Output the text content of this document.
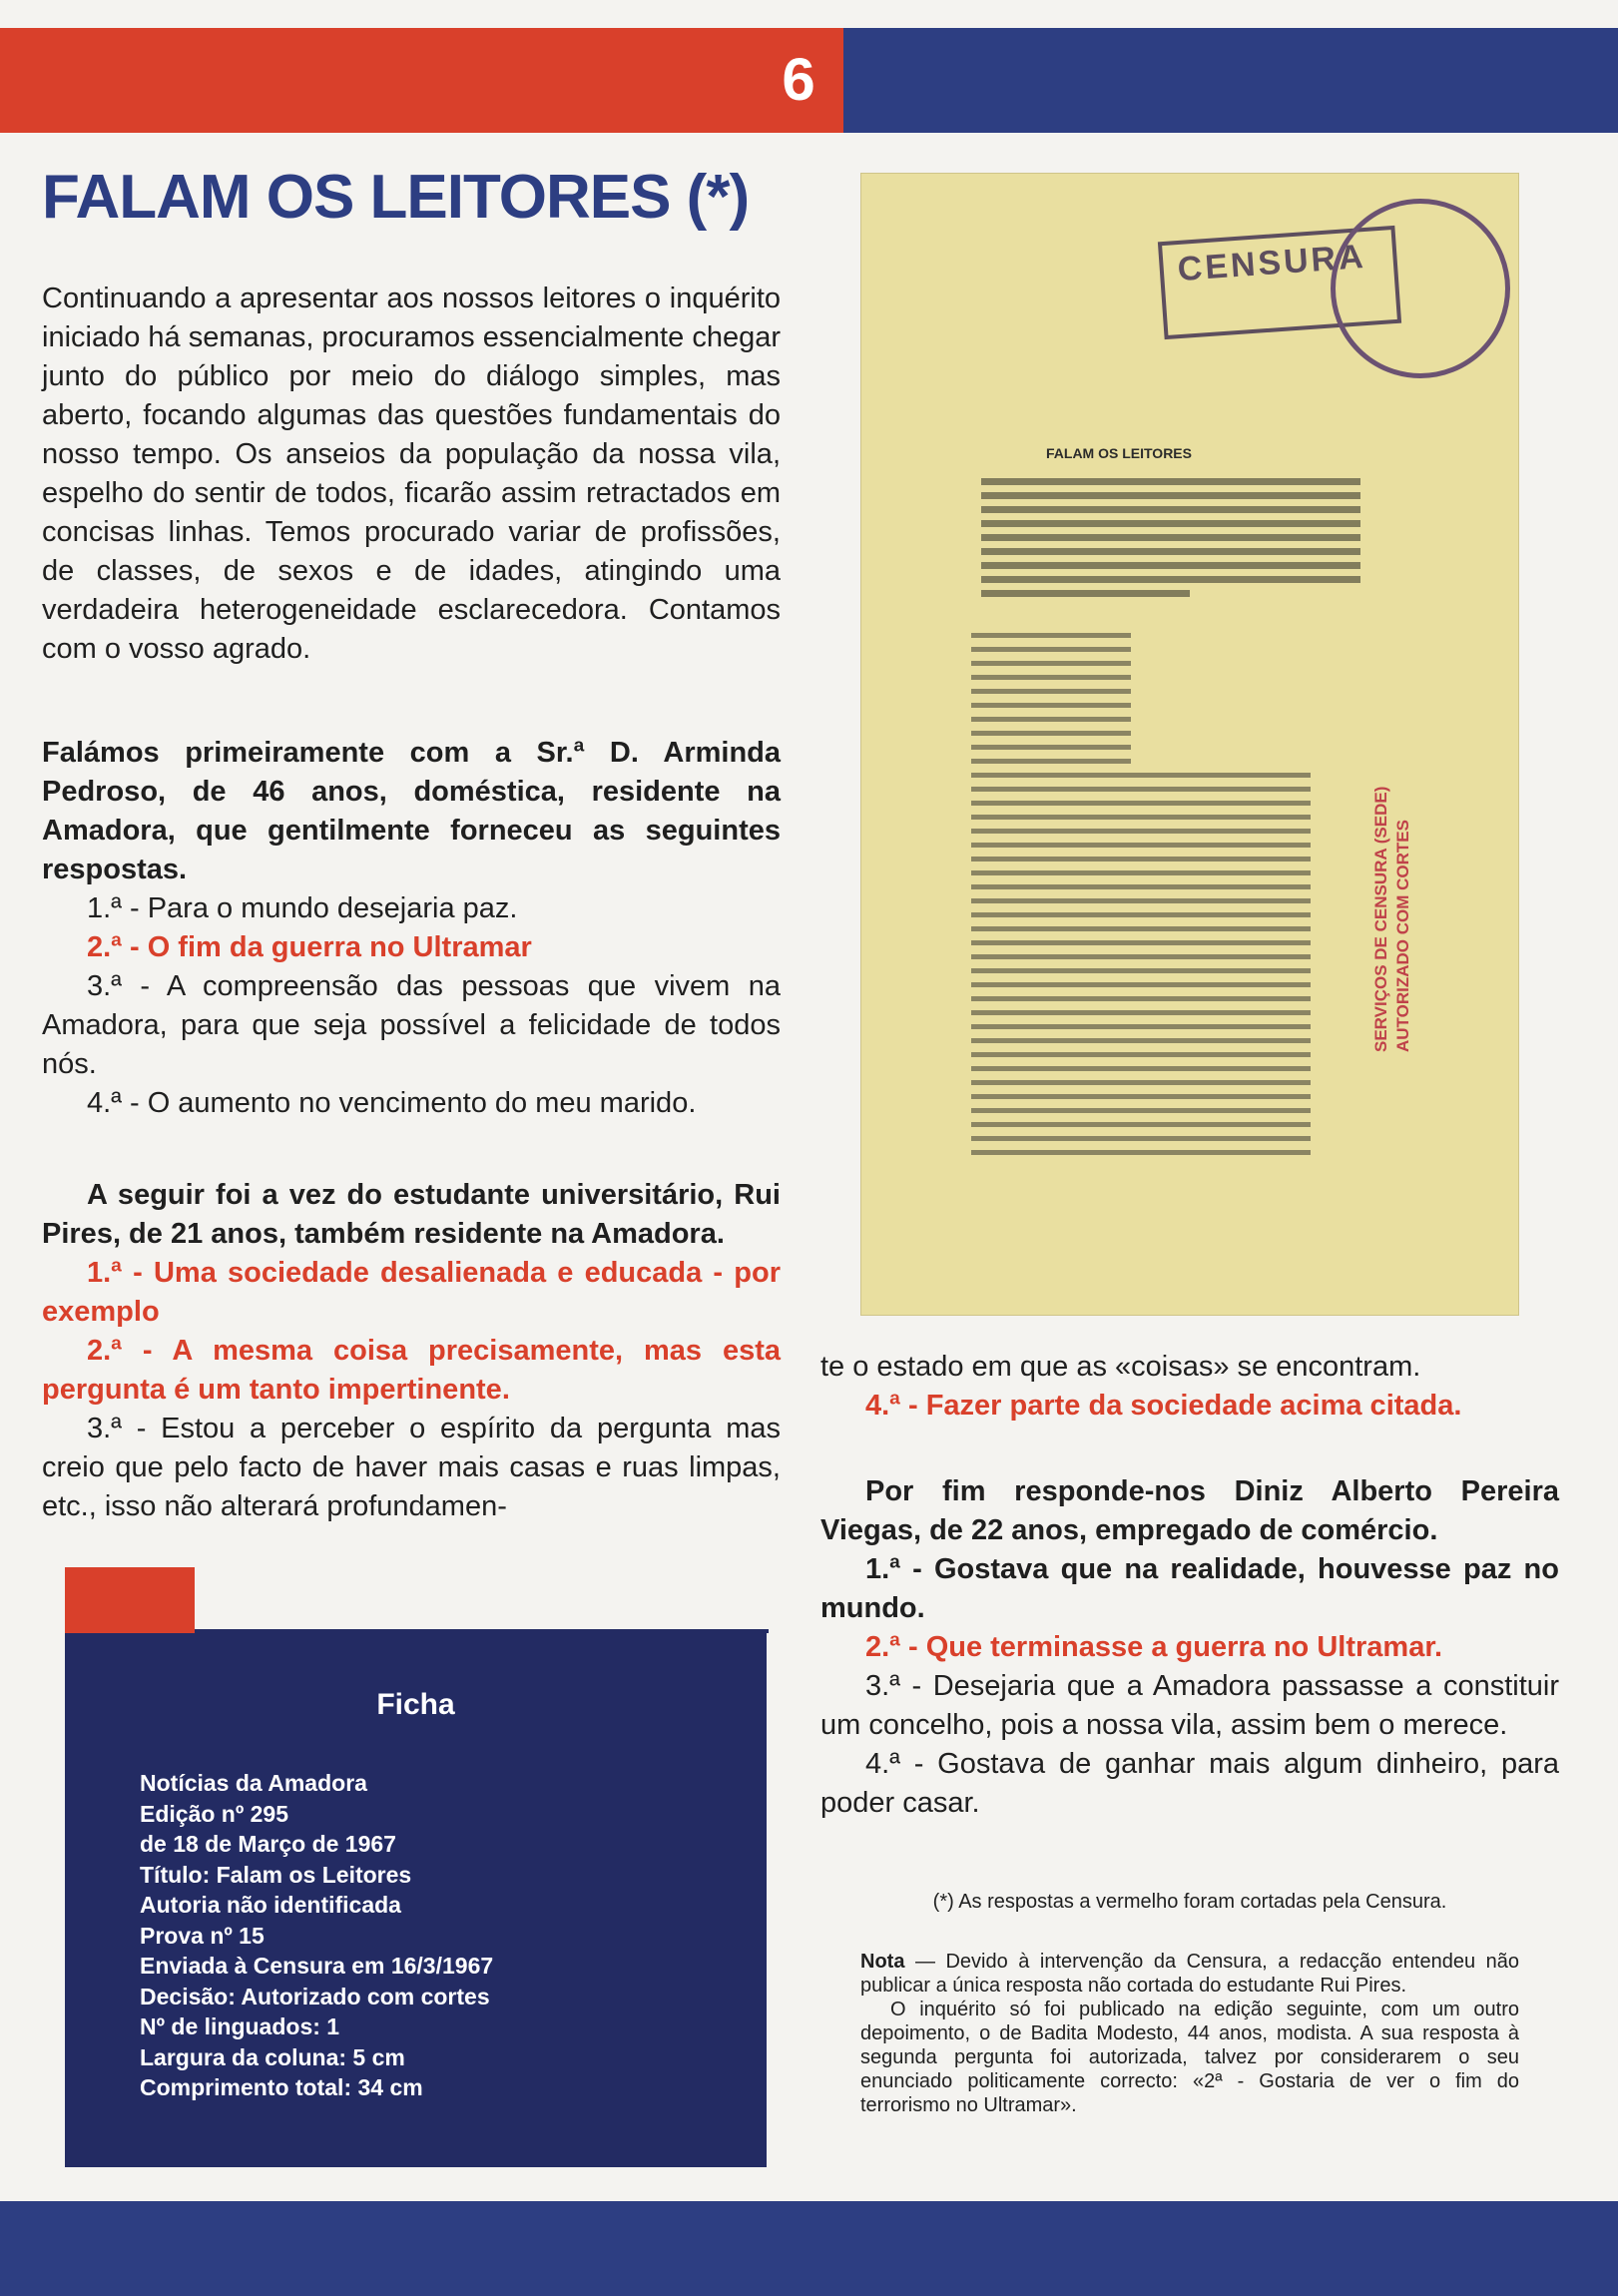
6
FALAM OS LEITORES (*)

Continuando a apresentar aos nossos leitores o inquérito iniciado há semanas, procuramos essencialmente chegar junto do público por meio do diálogo simples, mas aberto, focando algumas das questões fundamentais do nosso tempo. Os anseios da população da nossa vila, espelho do sentir de todos, ficarão assim retractados em concisas linhas. Temos procurado variar de profissões, de classes, de sexos e de idades, atingindo uma verdadeira heterogeneidade esclarecedora. Contamos com o vosso agrado.

Falámos primeiramente com a Sr.ª D. Arminda Pedroso, de 46 anos, doméstica, residente na Amadora, que gentilmente forneceu as seguintes respostas.

1.ª - Para o mundo desejaria paz.

2.ª - O fim da guerra no Ultramar

3.ª - A compreensão das pessoas que vivem na Amadora, para que seja possível a felicidade de todos nós.

4.ª - O aumento no vencimento do meu marido.

A seguir foi a vez do estudante universitário, Rui Pires, de 21 anos, também residente na Amadora.

1.ª - Uma sociedade desalienada e educada - por exemplo

2.ª - A mesma coisa precisamente, mas esta pergunta é um tanto impertinente.

3.ª - Estou a perceber o espírito da pergunta mas creio que pelo facto de haver mais casas e ruas limpas, etc., isso não alterará profundamen-

CENSURA
FALAM OS LEITORES
SERVIÇOS DE CENSURA (SEDE) AUTORIZADO COM CORTES

te o estado em que as «coisas» se encontram.

4.ª - Fazer parte da sociedade acima citada.

Por fim responde-nos Diniz Alberto Pereira Viegas, de 22 anos, empregado de comércio.

1.ª - Gostava que na realidade, houvesse paz no mundo.

2.ª - Que terminasse a guerra no Ultramar.

3.ª - Desejaria que a Amadora passasse a constituir um concelho, pois a nossa vila, assim bem o merece.

4.ª - Gostava de ganhar mais algum dinheiro, para poder casar.

(*) As respostas a vermelho foram cortadas pela Censura.

Nota — Devido à intervenção da Censura, a redacção entendeu não publicar a única resposta não cortada do estudante Rui Pires.

O inquérito só foi publicado na edição seguinte, com um outro depoimento, o de Badita Modesto, 44 anos, modista. A sua resposta à segunda pergunta foi autorizada, talvez por considerarem o seu enunciado politicamente correcto: «2ª - Gostaria de ver o fim do terrorismo no Ultramar».

Ficha
Notícias da Amadora
Edição nº 295
de 18 de Março de 1967
Título: Falam os Leitores
Autoria não identificada
Prova nº 15
Enviada à Censura em 16/3/1967
Decisão: Autorizado com cortes
Nº de linguados: 1
Largura da coluna: 5 cm
Comprimento total: 34 cm
